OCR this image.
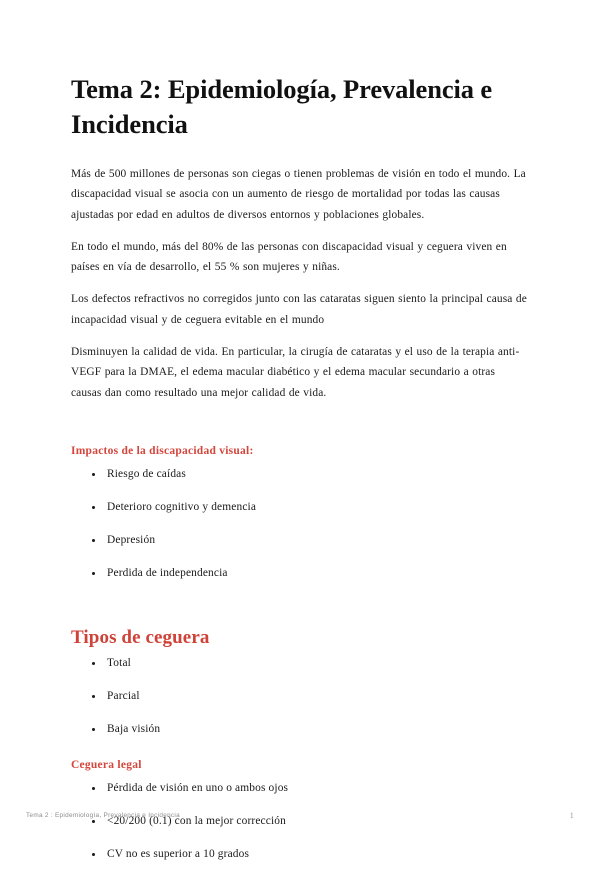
Tema 2: Epidemiología, Prevalencia e Incidencia

Más de 500 millones de personas son ciegas o tienen problemas de visión en todo el mundo. La discapacidad visual se asocia con un aumento de riesgo de mortalidad por todas las causas ajustadas por edad en adultos de diversos entornos y poblaciones globales.

En todo el mundo, más del 80% de las personas con discapacidad visual y ceguera viven en países en vía de desarrollo, el 55 % son mujeres y niñas.

Los defectos refractivos no corregidos junto con las cataratas siguen siento la principal causa de incapacidad visual y de ceguera evitable en el mundo

Disminuyen la calidad de vida. En particular, la cirugía de cataratas y el uso de la terapia anti-VEGF para la DMAE, el edema macular diabético y el edema macular secundario a otras causas dan como resultado una mejor calidad de vida.

Impactos de la discapacidad visual:
Riesgo de caídas
Deterioro cognitivo y demencia
Depresión
Perdida de independencia
Tipos de ceguera
Total
Parcial
Baja visión
Ceguera legal
Pérdida de visión en uno o ambos ojos
<20/200 (0.1) con la mejor corrección
CV no es superior a 10 grados
Tema 2 : Epidemiología, Prevalencia e Incidencia	1
